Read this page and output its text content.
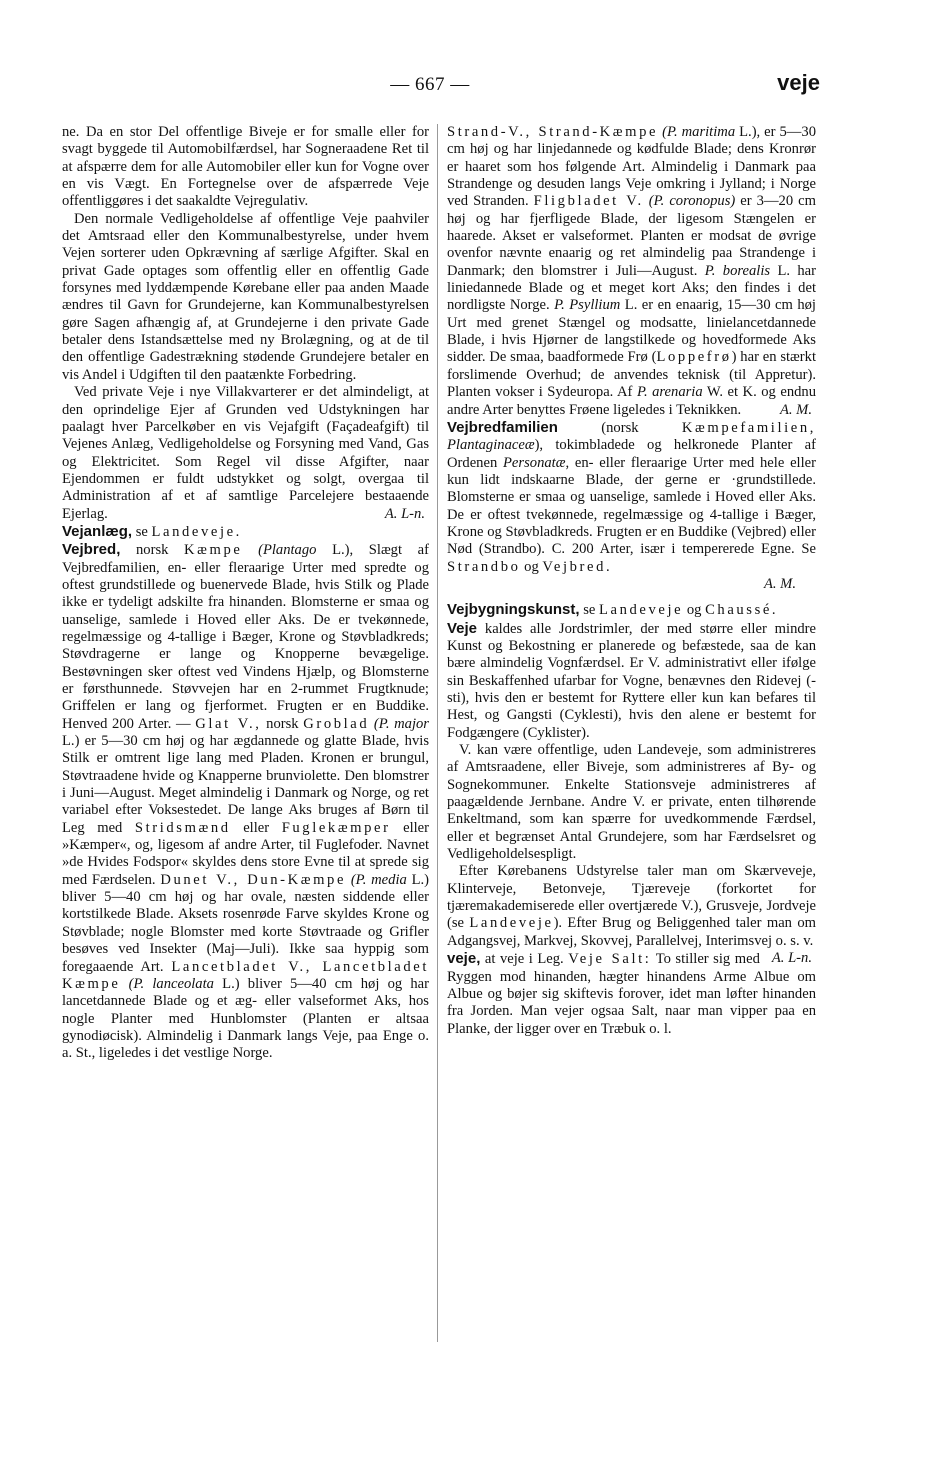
— 667 —	veje

ne. Da en stor Del offentlige Biveje er for smalle eller for svagt byggede til Automobilfærdsel, har Sogneraadene Ret til at afspærre dem for alle Automobiler eller kun for Vogne over en vis Vægt. En Fortegnelse over de afspærrede Veje offentliggøres i det saakaldte Vejregulativ.

Den normale Vedligeholdelse af offentlige Veje paahviler det Amtsraad eller den Kommunalbestyrelse, under hvem Vejen sorterer uden Opkrævning af særlige Afgifter. Skal en privat Gade optages som offentlig eller en offentlig Gade forsynes med lyddæmpende Kørebane eller paa anden Maade ændres til Gavn for Grundejerne, kan Kommunalbestyrelsen gøre Sagen afhængig af, at Grundejerne i den private Gade betaler dens Istandsættelse med ny Brolægning, og at de til den offentlige Gadestrækning stødende Grundejere betaler en vis Andel i Udgiften til den paatænkte Forbedring.

Ved private Veje i nye Villakvarterer er det almindeligt, at den oprindelige Ejer af Grunden ved Udstykningen har paalagt hver Parcelkøber en vis Vejafgift (Façadeafgift) til Vejenes Anlæg, Vedligeholdelse og Forsyning med Vand, Gas og Elektricitet. Som Regel vil disse Afgifter, naar Ejendommen er fuldt udstykket og solgt, overgaa til Administration af et af samtlige Parcelejere bestaaende Ejerlag.	A. L-n.

Vejanlæg, se Landeveje.

Vejbred, norsk Kæmpe (Plantago L.), Slægt af Vejbredfamilien, en- eller fleraarige Urter med spredte og oftest grundstillede og buenervede Blade, hvis Stilk og Plade ikke er tydeligt adskilte fra hinanden. Blomsterne er smaa og uanselige, samlede i Hoved eller Aks. De er tvekønnede, regelmæssige og 4-tallige i Bæger, Krone og Støvbladkreds; Støvdragerne er lange og Knopperne bevægelige. Bestøvningen sker oftest ved Vindens Hjælp, og Blomsterne er førsthunnede. Støvvejen har en 2-rummet Frugtknude; Griffelen er lang og fjerformet. Frugten er en Buddike. Henved 200 Arter. — Glat V., norsk Groblad (P. major L.) er 5—30 cm høj og har ægdannede og glatte Blade, hvis Stilk er omtrent lige lang med Pladen. Kronen er brungul, Støvtraadene hvide og Knapperne brunviolette. Den blomstrer i Juni—August. Meget almindelig i Danmark og Norge, og ret variabel efter Voksestedet. De lange Aks bruges af Børn til Leg med Stridsmænd eller Fuglekæmper eller »Kæmper«, og, ligesom af andre Arter, til Fuglefoder. Navnet »de Hvides Fodspor« skyldes dens store Evne til at sprede sig med Færdselen. Dunet V., Dun-Kæmpe (P. media L.) bliver 5—40 cm høj og har ovale, næsten siddende eller kortstilkede Blade. Aksets rosenrøde Farve skyldes Krone og Støvblade; nogle Blomster med korte Støvtraade og Grifler besøves ved Insekter (Maj—Juli). Ikke saa hyppig som foregaaende Art. Lancetbladet V., Lancetbladet Kæmpe (P. lanceolata L.) bliver 5—40 cm høj og har lancetdannede Blade og et æg- eller valseformet Aks, hos nogle Planter med Hunblomster (Planten er altsaa gynodiøcisk). Almindelig i Danmark langs Veje, paa Enge o. a. St., ligeledes i det vestlige Norge.

Strand-V., Strand-Kæmpe (P. maritima L.), er 5—30 cm høj og har linjedannede og kødfulde Blade; dens Kronrør er haaret som hos følgende Art. Almindelig i Danmark paa Strandenge og desuden langs Veje omkring i Jylland; i Norge ved Stranden. Fligbladet V. (P. coronopus) er 3—20 cm høj og har fjerfligede Blade, der ligesom Stængelen er haarede. Akset er valseformet. Planten er modsat de øvrige ovenfor nævnte enaarig og ret almindelig paa Strandenge i Danmark; den blomstrer i Juli—August. P. borealis L. har liniedannede Blade og et meget kort Aks; den findes i det nordligste Norge. P. Psyllium L. er en enaarig, 15—30 cm høj Urt med grenet Stængel og modsatte, linielancetdannede Blade, i hvis Hjørner de langstilkede og hovedformede Aks sidder. De smaa, baadformede Frø (Loppefrø) har en stærkt forslimende Overhud; de anvendes teknisk (til Appretur). Planten vokser i Sydeuropa. Af P. arenaria W. et K. og endnu andre Arter benyttes Frøene ligeledes i Teknikken.	A. M.

Vejbredfamilien	(norsk	Kæmpefamilien, Plantaginaceæ), tokimbladede og helkronede Planter af Ordenen Personatæ, en- eller fleraarige Urter med hele eller kun lidt indskaarne Blade, der gerne er ·grundstillede. Blomsterne er smaa og uanselige, samlede i Hoved eller Aks. De er oftest tvekønnede, regelmæssige og 4-tallige i Bæger, Krone og Støvbladkreds. Frugten er en Buddike (Vejbred) eller Nød (Strandbo). C. 200 Arter, især i tempererede Egne. Se Strandbo og Vejbred.

A. M.

Vejbygningskunst, se Landeveje og Chaussé.

Veje kaldes alle Jordstrimler, der med større eller mindre Kunst og Bekostning er planerede og befæstede, saa de kan bære almindelig Vognfærdsel. Er V. administrativt eller ifølge sin Beskaffenhed ufarbar for Vogne, benævnes den Ridevej (-sti), hvis den er bestemt for Ryttere eller kun kan befares til Hest, og Gangsti (Cyklesti), hvis den alene er bestemt for Fodgængere (Cyklister).

V. kan være offentlige, uden Landeveje, som administreres af Amtsraadene, eller Biveje, som administreres af By- og Sognekommuner. Enkelte Stationsveje administreres af paagældende Jernbane. Andre V. er private, enten tilhørende Enkeltmand, som kan spærre for uvedkommende Færdsel, eller et begrænset Antal Grundejere, som har Færdselsret og Vedligeholdelsespligt.

Efter Kørebanens Udstyrelse taler man om Skærveveje, Klinterveje, Betonveje, Tjæreveje (forkortet for tjæremakademiserede eller overtjærede V.), Grusveje, Jordveje (se Landeveje). Efter Brug og Beliggenhed taler man om Adgangsvej, Markvej, Skovvej, Parallelvej, Interimsvej o. s. v.
A. L-n.

veje, at veje i Leg. Veje Salt: To stiller sig med Ryggen mod hinanden, hægter hinandens Arme Albue om Albue og bøjer sig skiftevis forover, idet man løfter hinanden fra Jorden. Man vejer ogsaa Salt, naar man vipper paa en Planke, der ligger over en Træbuk o. l.
